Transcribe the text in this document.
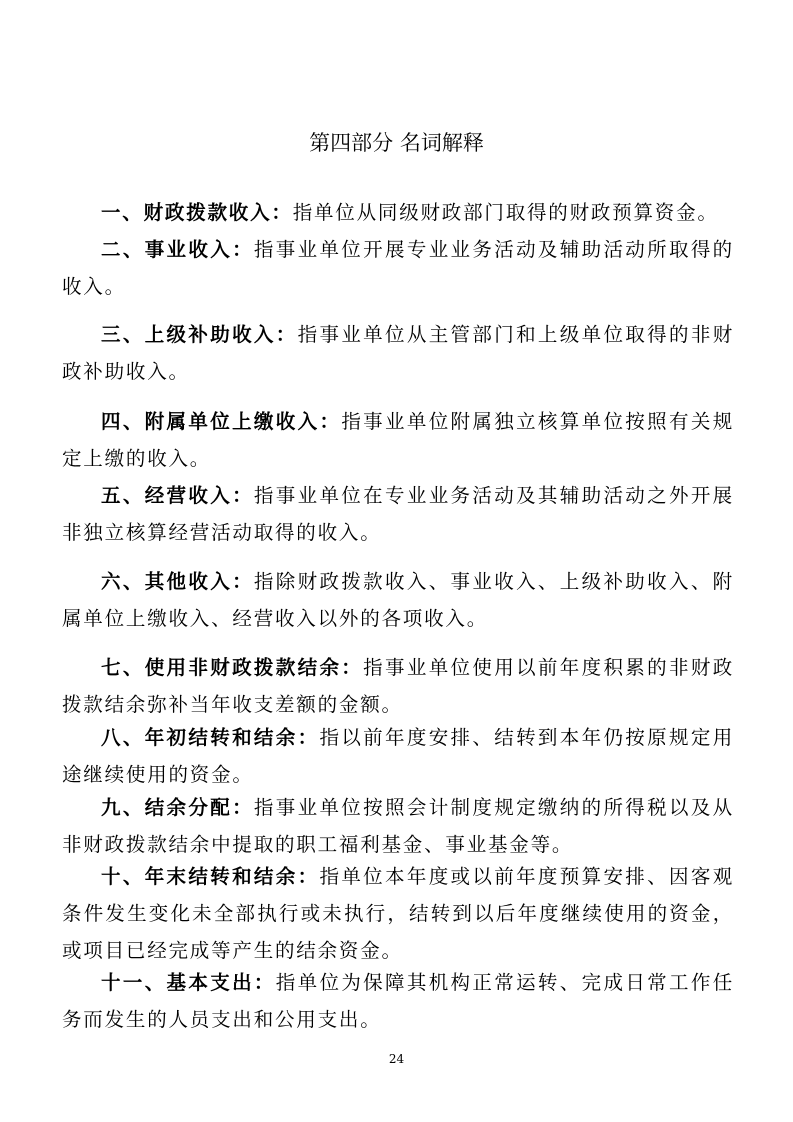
第四部分 名词解释

一、财政拨款收入：指单位从同级财政部门取得的财政预算资金。

二、事业收入：指事业单位开展专业业务活动及辅助活动所取得的收入。

三、上级补助收入：指事业单位从主管部门和上级单位取得的非财政补助收入。

四、附属单位上缴收入：指事业单位附属独立核算单位按照有关规定上缴的收入。

五、经营收入：指事业单位在专业业务活动及其辅助活动之外开展非独立核算经营活动取得的收入。

六、其他收入：指除财政拨款收入、事业收入、上级补助收入、附属单位上缴收入、经营收入以外的各项收入。

七、使用非财政拨款结余：指事业单位使用以前年度积累的非财政拨款结余弥补当年收支差额的金额。

八、年初结转和结余：指以前年度安排、结转到本年仍按原规定用途继续使用的资金。

九、结余分配：指事业单位按照会计制度规定缴纳的所得税以及从非财政拨款结余中提取的职工福利基金、事业基金等。

十、年末结转和结余：指单位本年度或以前年度预算安排、因客观条件发生变化未全部执行或未执行，结转到以后年度继续使用的资金，或项目已经完成等产生的结余资金。

十一、基本支出：指单位为保障其机构正常运转、完成日常工作任务而发生的人员支出和公用支出。

24
